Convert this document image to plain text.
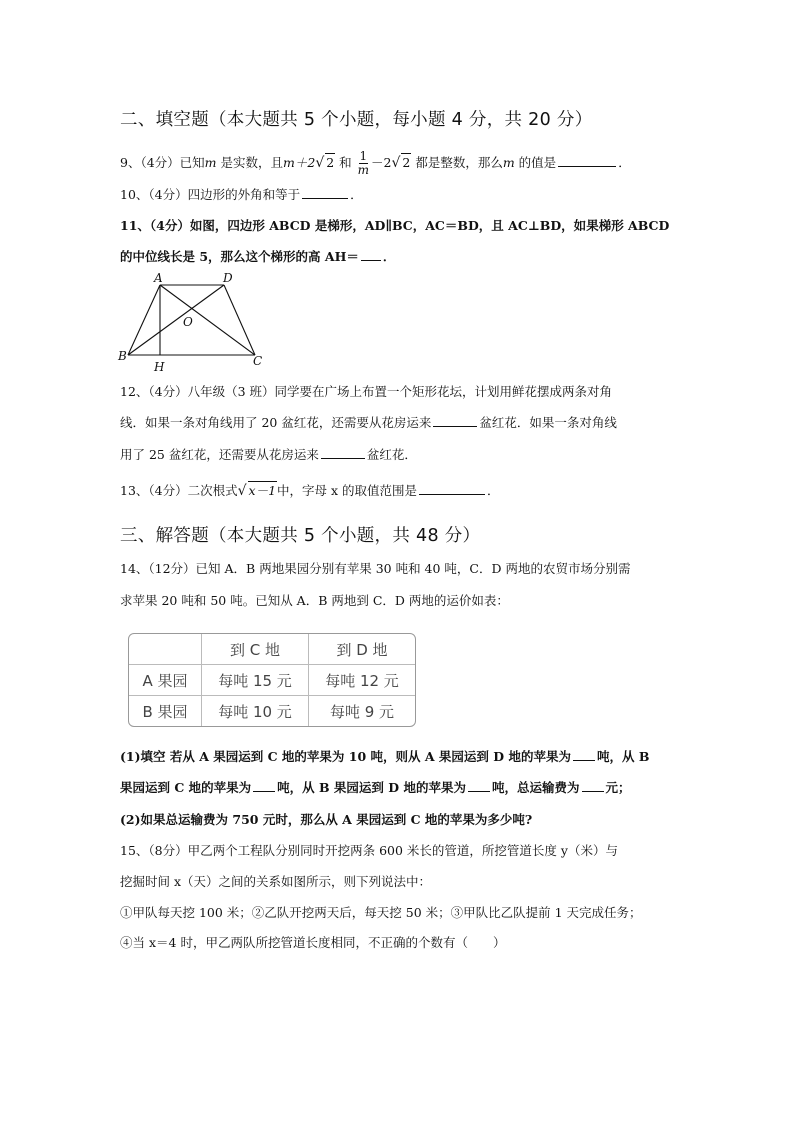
二、填空题（本大题共 5 个小题，每小题 4 分，共 20 分）
9、（4分）已知m 是实数，且m＋2√ 2 和 $\frac{1}{m} -2√$ 2 都是整数，那么m 的值是	．
10、（4分）四边形的外角和等于	．
11、（4分）如图，四边形 ABCD 是梯形，AD∥BC，AC＝BD，且 AC⊥BD，如果梯形 ABCD
的中位线长是 5，那么这个梯形的高 AH＝ ．
A	D
O
B
H	C
12、（4分）八年级（3 班）同学要在广场上布置一个矩形花坛，计划用鲜花摆成两条对角
线．如果一条对角线用了 20 盆红花，还需要从花房运来	盆红花．如果一条对角线
用了 25 盆红花，还需要从花房运来	盆红花．
13、（4分）二次根式√ x－1中，字母 x 的取值范围是	．
三、解答题（本大题共 5 个小题，共 48 分）
14、（12分）已知 A．B 两地果园分别有苹果 30 吨和 40 吨，C．D 两地的农贸市场分别需
求苹果 20 吨和 50 吨。已知从 A．B 两地到 C．D 两地的运价如表：
	到 C 地	到 D 地
A 果园	每吨 15 元	每吨 12 元
B 果园	每吨 10 元	每吨 9 元
(1)填空 若从 A 果园运到 C 地的苹果为 10 吨，则从 A 果园运到 D 地的苹果为 吨，从 B
果园运到 C 地的苹果为 吨，从 B 果园运到 D 地的苹果为 吨，总运输费为 元；
(2)如果总运输费为 750 元时，那么从 A 果园运到 C 地的苹果为多少吨?
15、（8分）甲乙两个工程队分别同时开挖两条 600 米长的管道，所挖管道长度 y（米）与
挖掘时间 x（天）之间的关系如图所示，则下列说法中：
①甲队每天挖 100 米；②乙队开挖两天后，每天挖 50 米；③甲队比乙队提前 1 天完成任务；
④当 x＝4 时，甲乙两队所挖管道长度相同，不正确的个数有（　　）
